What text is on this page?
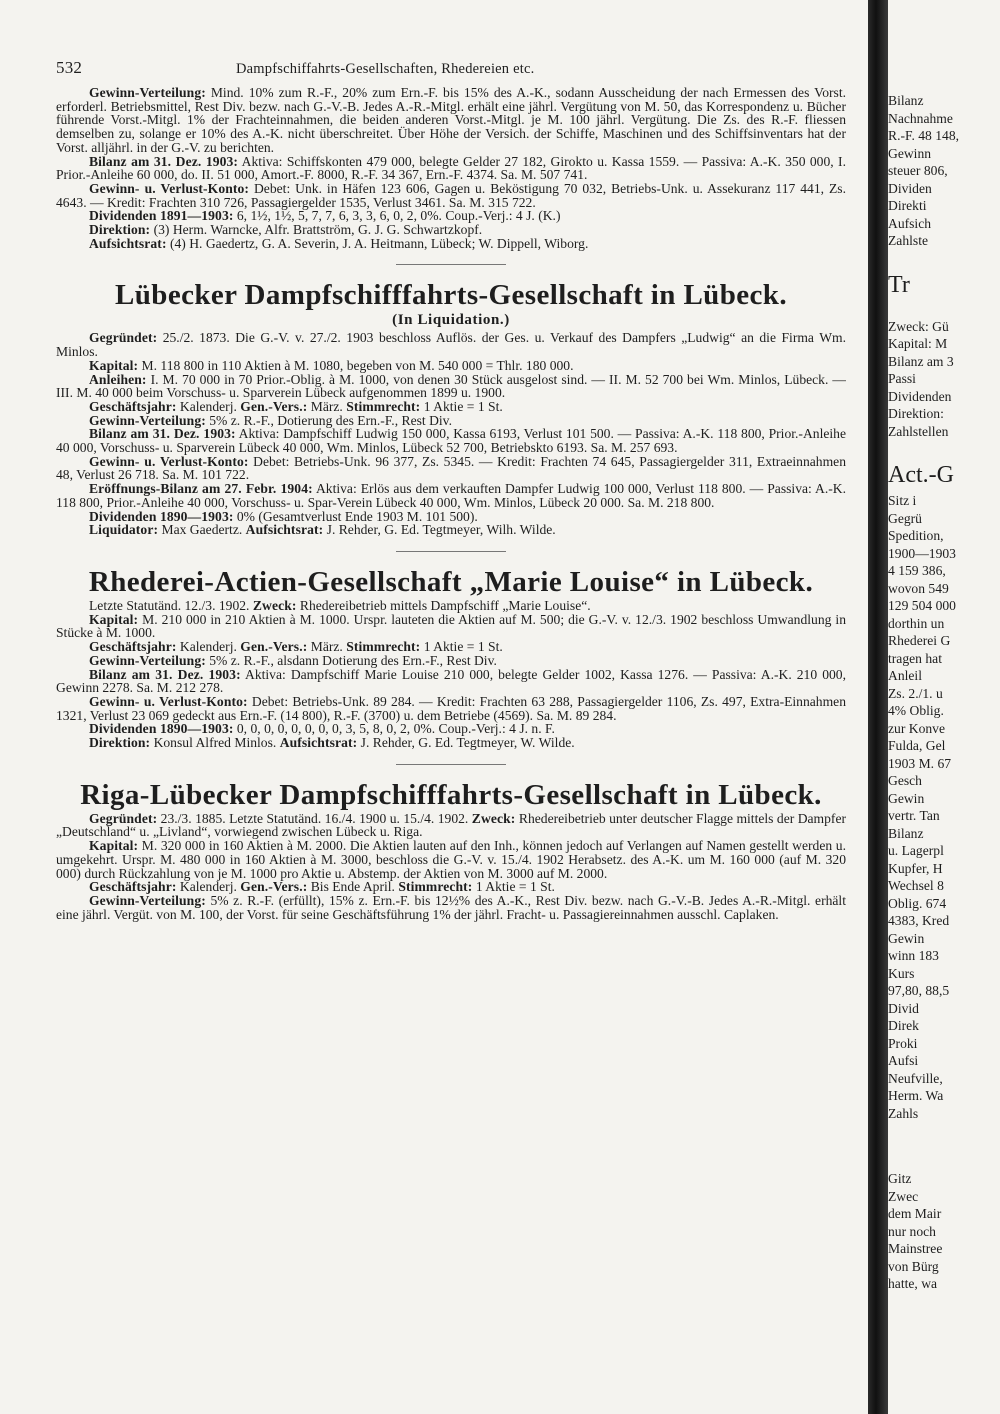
532	Dampfschiffahrts-Gesellschaften, Rhedereien etc.

Gewinn-Verteilung: Mind. 10% zum R.-F., 20% zum Ern.-F. bis 15% des A.-K., sodann Ausscheidung der nach Ermessen des Vorst. erforderl. Betriebsmittel, Rest Div. bezw. nach G.-V.-B. Jedes A.-R.-Mitgl. erhält eine jährl. Vergütung von M. 50, das Korrespondenz u. Bücher führende Vorst.-Mitgl. 1% der Frachteinnahmen, die beiden anderen Vorst.-Mitgl. je M. 100 jährl. Vergütung. Die Zs. des R.-F. fliessen demselben zu, solange er 10% des A.-K. nicht überschreitet. Über Höhe der Versich. der Schiffe, Maschinen und des Schiffsinventars hat der Vorst. alljährl. in der G.-V. zu berichten.

Bilanz am 31. Dez. 1903: Aktiva: Schiffskonten 479 000, belegte Gelder 27 182, Girokto u. Kassa 1559. — Passiva: A.-K. 350 000, I. Prior.-Anleihe 60 000, do. II. 51 000, Amort.-F. 8000, R.-F. 34 367, Ern.-F. 4374. Sa. M. 507 741.

Gewinn- u. Verlust-Konto: Debet: Unk. in Häfen 123 606, Gagen u. Beköstigung 70 032, Betriebs-Unk. u. Assekuranz 117 441, Zs. 4643. — Kredit: Frachten 310 726, Passagiergelder 1535, Verlust 3461. Sa. M. 315 722.

Dividenden 1891—1903: 6, 1½, 1½, 5, 7, 7, 6, 3, 3, 6, 0, 2, 0%. Coup.-Verj.: 4 J. (K.)

Direktion: (3) Herm. Warncke, Alfr. Brattström, G. J. G. Schwartzkopf.

Aufsichtsrat: (4) H. Gaedertz, G. A. Severin, J. A. Heitmann, Lübeck; W. Dippell, Wiborg.

Lübecker Dampfschifffahrts-Gesellschaft in Lübeck.
(In Liquidation.)

Gegründet: 25./2. 1873. Die G.-V. v. 27./2. 1903 beschloss Auflös. der Ges. u. Verkauf des Dampfers „Ludwig“ an die Firma Wm. Minlos.

Kapital: M. 118 800 in 110 Aktien à M. 1080, begeben von M. 540 000 = Thlr. 180 000.

Anleihen: I. M. 70 000 in 70 Prior.-Oblig. à M. 1000, von denen 30 Stück ausgelost sind. — II. M. 52 700 bei Wm. Minlos, Lübeck. — III. M. 40 000 beim Vorschuss- u. Sparverein Lübeck aufgenommen 1899 u. 1900.

Geschäftsjahr: Kalenderj. Gen.-Vers.: März. Stimmrecht: 1 Aktie = 1 St.

Gewinn-Verteilung: 5% z. R.-F., Dotierung des Ern.-F., Rest Div.

Bilanz am 31. Dez. 1903: Aktiva: Dampfschiff Ludwig 150 000, Kassa 6193, Verlust 101 500. — Passiva: A.-K. 118 800, Prior.-Anleihe 40 000, Vorschuss- u. Sparverein Lübeck 40 000, Wm. Minlos, Lübeck 52 700, Betriebskto 6193. Sa. M. 257 693.

Gewinn- u. Verlust-Konto: Debet: Betriebs-Unk. 96 377, Zs. 5345. — Kredit: Frachten 74 645, Passagiergelder 311, Extraeinnahmen 48, Verlust 26 718. Sa. M. 101 722.

Eröffnungs-Bilanz am 27. Febr. 1904: Aktiva: Erlös aus dem verkauften Dampfer Ludwig 100 000, Verlust 118 800. — Passiva: A.-K. 118 800, Prior.-Anleihe 40 000, Vorschuss- u. Spar-Verein Lübeck 40 000, Wm. Minlos, Lübeck 20 000. Sa. M. 218 800.

Dividenden 1890—1903: 0% (Gesamtverlust Ende 1903 M. 101 500).

Liquidator: Max Gaedertz. Aufsichtsrat: J. Rehder, G. Ed. Tegtmeyer, Wilh. Wilde.

Rhederei-Actien-Gesellschaft „Marie Louise“ in Lübeck.

Letzte Statutänd. 12./3. 1902. Zweck: Rhedereibetrieb mittels Dampfschiff „Marie Louise“.

Kapital: M. 210 000 in 210 Aktien à M. 1000. Urspr. lauteten die Aktien auf M. 500; die G.-V. v. 12./3. 1902 beschloss Umwandlung in Stücke à M. 1000.

Geschäftsjahr: Kalenderj. Gen.-Vers.: März. Stimmrecht: 1 Aktie = 1 St.

Gewinn-Verteilung: 5% z. R.-F., alsdann Dotierung des Ern.-F., Rest Div.

Bilanz am 31. Dez. 1903: Aktiva: Dampfschiff Marie Louise 210 000, belegte Gelder 1002, Kassa 1276. — Passiva: A.-K. 210 000, Gewinn 2278. Sa. M. 212 278.

Gewinn- u. Verlust-Konto: Debet: Betriebs-Unk. 89 284. — Kredit: Frachten 63 288, Passagiergelder 1106, Zs. 497, Extra-Einnahmen 1321, Verlust 23 069 gedeckt aus Ern.-F. (14 800), R.-F. (3700) u. dem Betriebe (4569). Sa. M. 89 284.

Dividenden 1890—1903: 0, 0, 0, 0, 0, 0, 0, 0, 3, 5, 8, 0, 2, 0%. Coup.-Verj.: 4 J. n. F.

Direktion: Konsul Alfred Minlos. Aufsichtsrat: J. Rehder, G. Ed. Tegtmeyer, W. Wilde.

Riga-Lübecker Dampfschifffahrts-Gesellschaft in Lübeck.

Gegründet: 23./3. 1885. Letzte Statutänd. 16./4. 1900 u. 15./4. 1902. Zweck: Rhedereibetrieb unter deutscher Flagge mittels der Dampfer „Deutschland“ u. „Livland“, vorwiegend zwischen Lübeck u. Riga.

Kapital: M. 320 000 in 160 Aktien à M. 2000. Die Aktien lauten auf den Inh., können jedoch auf Verlangen auf Namen gestellt werden u. umgekehrt. Urspr. M. 480 000 in 160 Aktien à M. 3000, beschloss die G.-V. v. 15./4. 1902 Herabsetz. des A.-K. um M. 160 000 (auf M. 320 000) durch Rückzahlung von je M. 1000 pro Aktie u. Abstemp. der Aktien von M. 3000 auf M. 2000.

Geschäftsjahr: Kalenderj. Gen.-Vers.: Bis Ende April. Stimmrecht: 1 Aktie = 1 St.

Gewinn-Verteilung: 5% z. R.-F. (erfüllt), 15% z. Ern.-F. bis 12½% des A.-K., Rest Div. bezw. nach G.-V.-B. Jedes A.-R.-Mitgl. erhält eine jährl. Vergüt. von M. 100, der Vorst. für seine Geschäftsführung 1% der jährl. Fracht- u. Passagiereinnahmen ausschl. Caplaken.

Bilanz
Nachnahme
R.-F. 48 148,
Gewinn
steuer 806,
Dividen
Direkti
Aufsich
Zahlste
Tr
Zweck: Gü
Kapital: M
Bilanz am 3
Passi
Dividenden
Direktion:
Zahlstellen
Act.-G
Sitz i
Gegrü
Spedition,
1900—1903
4 159 386,
wovon 549
129 504 000
dorthin un
Rhederei G
tragen hat
Anleil
Zs. 2./1. u
4% Oblig.
zur Konve
Fulda, Gel
1903 M. 67
Gesch
Gewin
vertr. Tan
Bilanz
u. Lagerpl
Kupfer, H
Wechsel 8
Oblig. 674
4383, Kred
Gewin
winn 183
Kurs
97,80, 88,5
Divid
Direk
Proki
Aufsi
Neufville,
Herm. Wa
Zahls
Gitz
Zwec
dem Mair
nur noch
Mainstree
von Bürg
hatte, wa
